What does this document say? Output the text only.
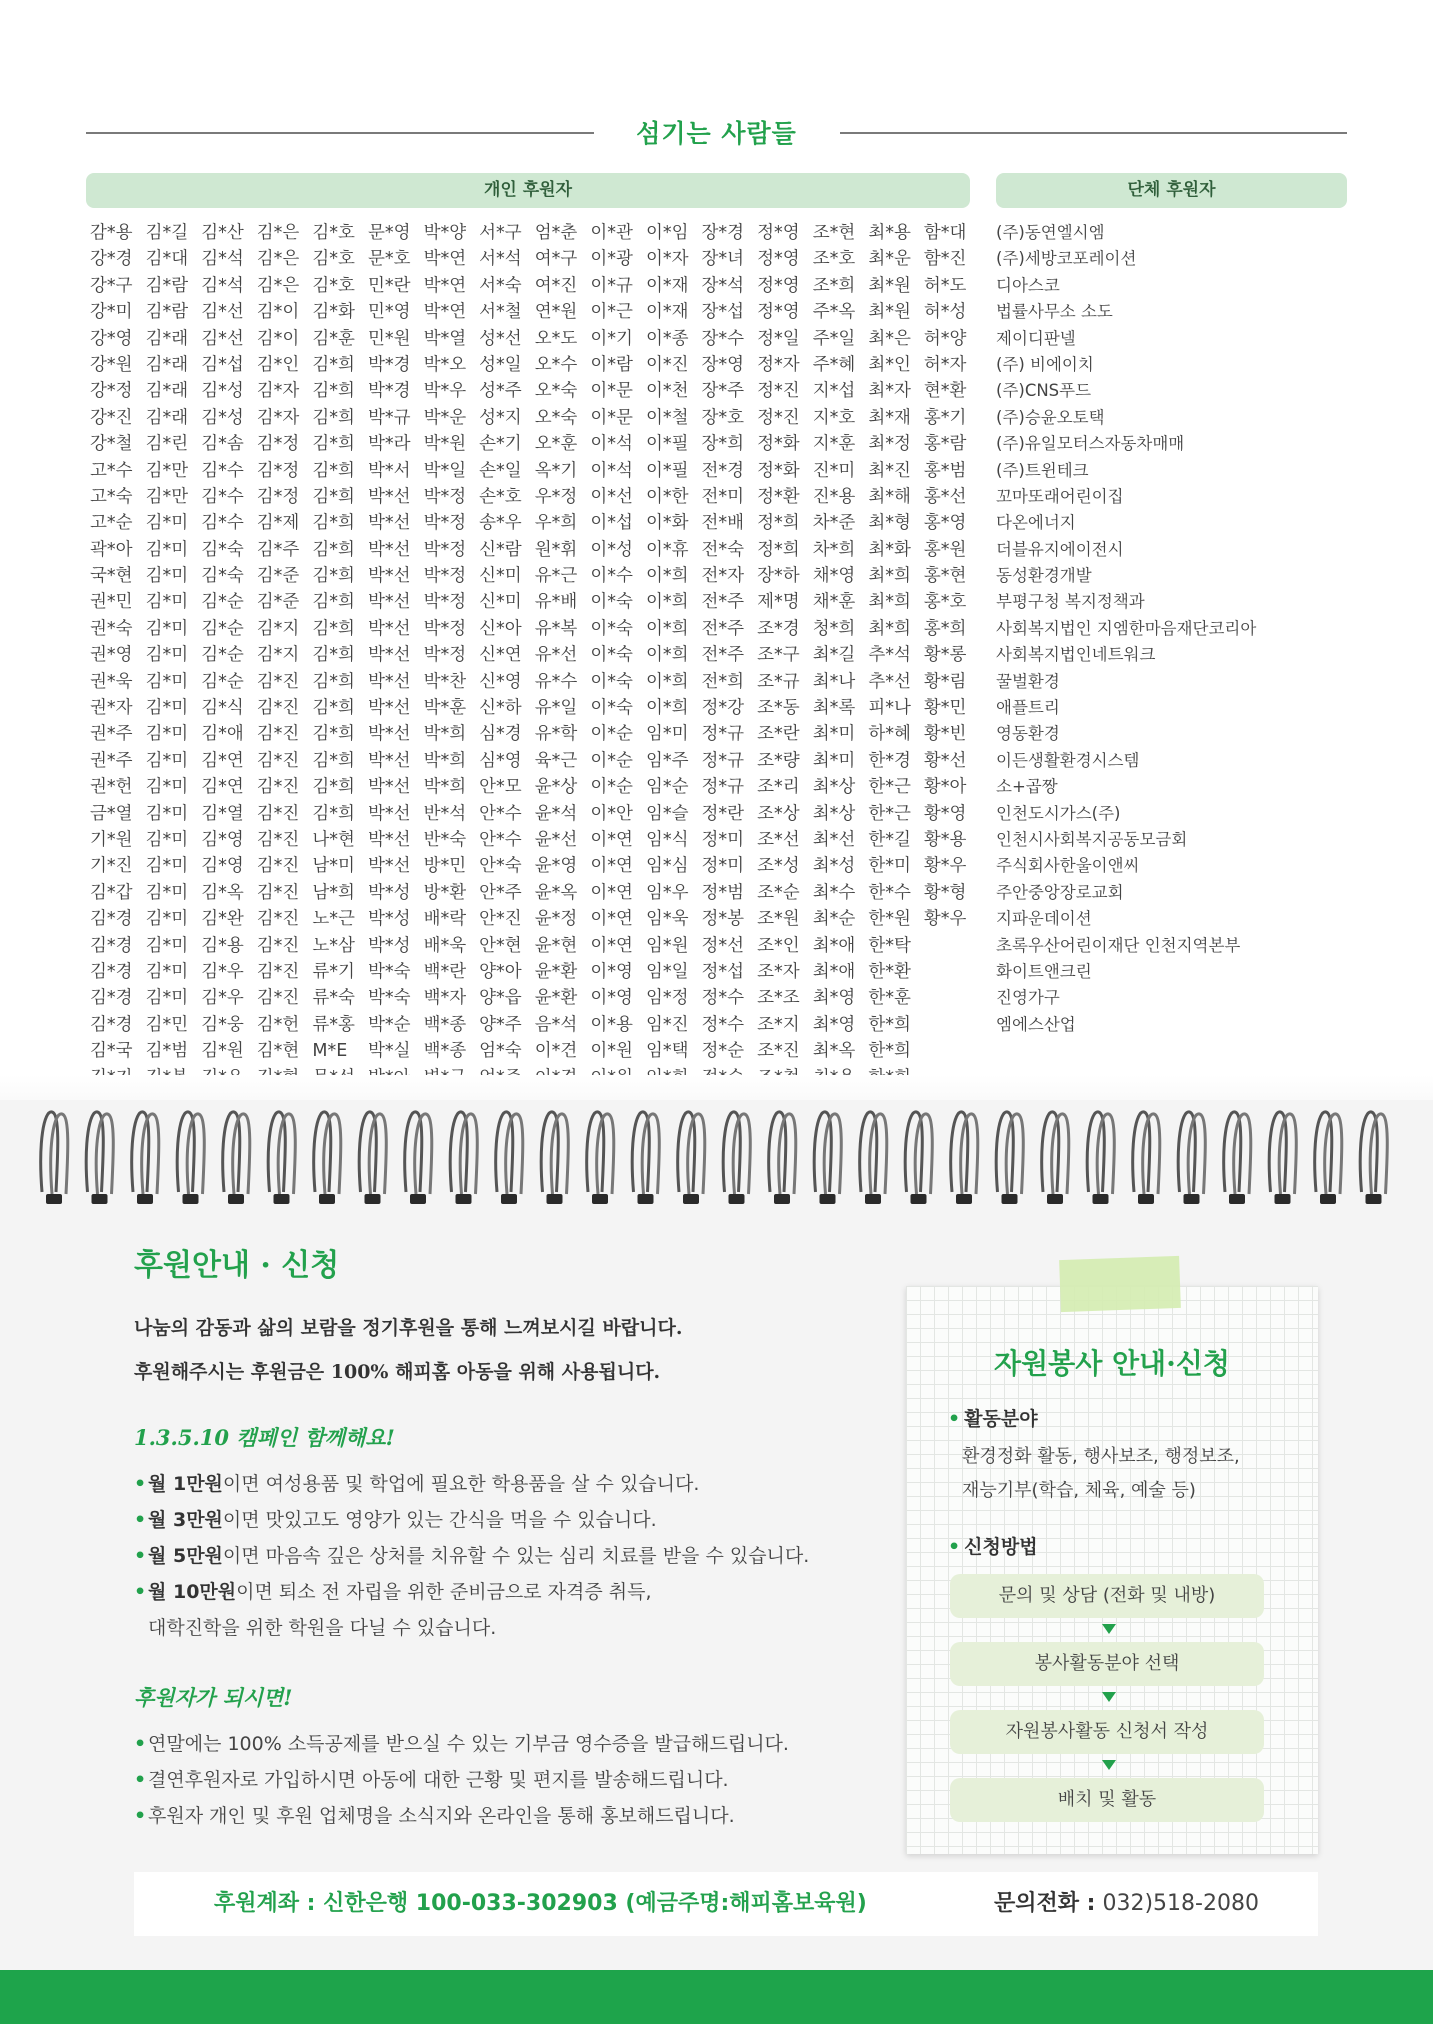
섬기는 사람들
개인 후원자	단체 후원자
감*용 김*길 김*산 김*은 김*호 문*영 박*양 서*구 엄*춘 이*관 이*임 장*경 정*영 조*현 최*용 함*대
강*경 김*대 김*석 김*은 김*호 문*호 박*연 서*석 여*구 이*광 이*자 장*녀 정*영 조*호 최*운 함*진
강*구 김*람 김*석 김*은 김*호 민*란 박*연 서*숙 여*진 이*규 이*재 장*석 정*영 조*희 최*원 허*도
강*미 김*람 김*선 김*이 김*화 민*영 박*연 서*철 연*원 이*근 이*재 장*섭 정*영 주*옥 최*원 허*성
강*영 김*래 김*선 김*이 김*훈 민*원 박*열 성*선 오*도 이*기 이*종 장*수 정*일 주*일 최*은 허*양
강*원 김*래 김*섭 김*인 김*희 박*경 박*오 성*일 오*수 이*람 이*진 장*영 정*자 주*혜 최*인 허*자
강*정 김*래 김*성 김*자 김*희 박*경 박*우 성*주 오*숙 이*문 이*천 장*주 정*진 지*섭 최*자 현*환
강*진 김*래 김*성 김*자 김*희 박*규 박*운 성*지 오*숙 이*문 이*철 장*호 정*진 지*호 최*재 홍*기
강*철 김*린 김*솜 김*정 김*희 박*라 박*원 손*기 오*훈 이*석 이*필 장*희 정*화 지*훈 최*정 홍*람
고*수 김*만 김*수 김*정 김*희 박*서 박*일 손*일 옥*기 이*석 이*필 전*경 정*화 진*미 최*진 홍*범
고*숙 김*만 김*수 김*정 김*희 박*선 박*정 손*호 우*정 이*선 이*한 전*미 정*환 진*용 최*해 홍*선
고*순 김*미 김*수 김*제 김*희 박*선 박*정 송*우 우*희 이*섭 이*화 전*배 정*희 차*준 최*형 홍*영
곽*아 김*미 김*숙 김*주 김*희 박*선 박*정 신*람 원*휘 이*성 이*휴 전*숙 정*희 차*희 최*화 홍*원
국*현 김*미 김*숙 김*준 김*희 박*선 박*정 신*미 유*근 이*수 이*희 전*자 장*하 채*영 최*희 홍*현
권*민 김*미 김*순 김*준 김*희 박*선 박*정 신*미 유*배 이*숙 이*희 전*주 제*명 채*훈 최*희 홍*호
권*숙 김*미 김*순 김*지 김*희 박*선 박*정 신*아 유*복 이*숙 이*희 전*주 조*경 청*희 최*희 홍*희
권*영 김*미 김*순 김*지 김*희 박*선 박*정 신*연 유*선 이*숙 이*희 전*주 조*구 최*길 추*석 황*롱
권*욱 김*미 김*순 김*진 김*희 박*선 박*찬 신*영 유*수 이*숙 이*희 전*희 조*규 최*나 추*선 황*림
권*자 김*미 김*식 김*진 김*희 박*선 박*훈 신*하 유*일 이*숙 이*희 정*강 조*동 최*록 피*나 황*민
권*주 김*미 김*애 김*진 김*희 박*선 박*희 심*경 유*학 이*순 임*미 정*규 조*란 최*미 하*혜 황*빈
권*주 김*미 김*연 김*진 김*희 박*선 박*희 심*영 육*근 이*순 임*주 정*규 조*량 최*미 한*경 황*선
권*헌 김*미 김*연 김*진 김*희 박*선 박*희 안*모 윤*상 이*순 임*순 정*규 조*리 최*상 한*근 황*아
금*열 김*미 김*열 김*진 김*희 박*선 반*석 안*수 윤*석 이*안 임*슬 정*란 조*상 최*상 한*근 황*영
기*원 김*미 김*영 김*진 나*현 박*선 반*숙 안*수 윤*선 이*연 임*식 정*미 조*선 최*선 한*길 황*용
기*진 김*미 김*영 김*진 남*미 박*선 방*민 안*숙 윤*영 이*연 임*심 정*미 조*성 최*성 한*미 황*우
김*갑 김*미 김*옥 김*진 남*희 박*성 방*환 안*주 윤*옥 이*연 임*우 정*범 조*순 최*수 한*수 황*형
김*경 김*미 김*완 김*진 노*근 박*성 배*락 안*진 윤*정 이*연 임*욱 정*봉 조*원 최*순 한*원 황*우
김*경 김*미 김*용 김*진 노*삼 박*성 배*욱 안*현 윤*현 이*연 임*원 정*선 조*인 최*애 한*탁
김*경 김*미 김*우 김*진 류*기 박*숙 백*란 양*아 윤*환 이*영 임*일 정*섭 조*자 최*애 한*환
김*경 김*미 김*우 김*진 류*숙 박*숙 백*자 양*읍 윤*환 이*영 임*정 정*수 조*조 최*영 한*훈
김*경 김*민 김*웅 김*헌 류*홍 박*순 백*종 양*주 음*석 이*용 임*진 정*수 조*지 최*영 한*희
김*국 김*범 김*원 김*현 M*E	박*실 백*종 엄*숙 이*견 이*원 임*택 정*순 조*진 최*옥 한*희
(주)동연엘시엠
(주)세방코포레이션
디아스코
법률사무소 소도
제이디판넬
(주) 비에이치
(주)CNS푸드
(주)승윤오토택
(주)유일모터스자동차매매
(주)트윈테크
꼬마또래어린이집
다온에너지
더블유지에이전시
동성환경개발
부평구청 복지정책과
사회복지법인 지엠한마음재단코리아
사회복지법인네트워크
꿀벌환경
애플트리
영동환경
이든생활환경시스템
소+곱짱
인천도시가스(주)
인천시사회복지공동모금회
주식회사한울이앤씨
주안중앙장로교회
지파운데이션
초록우산어린이재단 인천지역본부
화이트앤크린
진영가구
엠에스산업
후원안내 · 신청
나눔의 감동과 삶의 보람을 정기후원을 통해 느껴보시길 바랍니다.
후원해주시는 후원금은 100% 해피홈 아동을 위해 사용됩니다.
1.3.5.10 캠페인 함께해요!
• 월 1만원이면 여성용품 및 학업에 필요한 학용품을 살 수 있습니다.
• 월 3만원이면 맛있고도 영양가 있는 간식을 먹을 수 있습니다.
• 월 5만원이면 마음속 깊은 상처를 치유할 수 있는 심리 치료를 받을 수 있습니다.
• 월 10만원이면 퇴소 전 자립을 위한 준비금으로 자격증 취득,
대학진학을 위한 학원을 다닐 수 있습니다.
후원자가 되시면!
• 연말에는 100% 소득공제를 받으실 수 있는 기부금 영수증을 발급해드립니다.
• 결연후원자로 가입하시면 아동에 대한 근황 및 편지를 발송해드립니다.
• 후원자 개인 및 후원 업체명을 소식지와 온라인을 통해 홍보해드립니다.
자원봉사 안내·신청
• 활동분야
환경정화 활동, 행사보조, 행정보조,
재능기부(학습, 체육, 예술 등)
• 신청방법
문의 및 상담 (전화 및 내방)
봉사활동분야 선택
자원봉사활동 신청서 작성
배치 및 활동
후원계좌 : 신한은행 100-033-302903 (예금주명:해피홈보육원)	문의전화 : 032)518-2080
